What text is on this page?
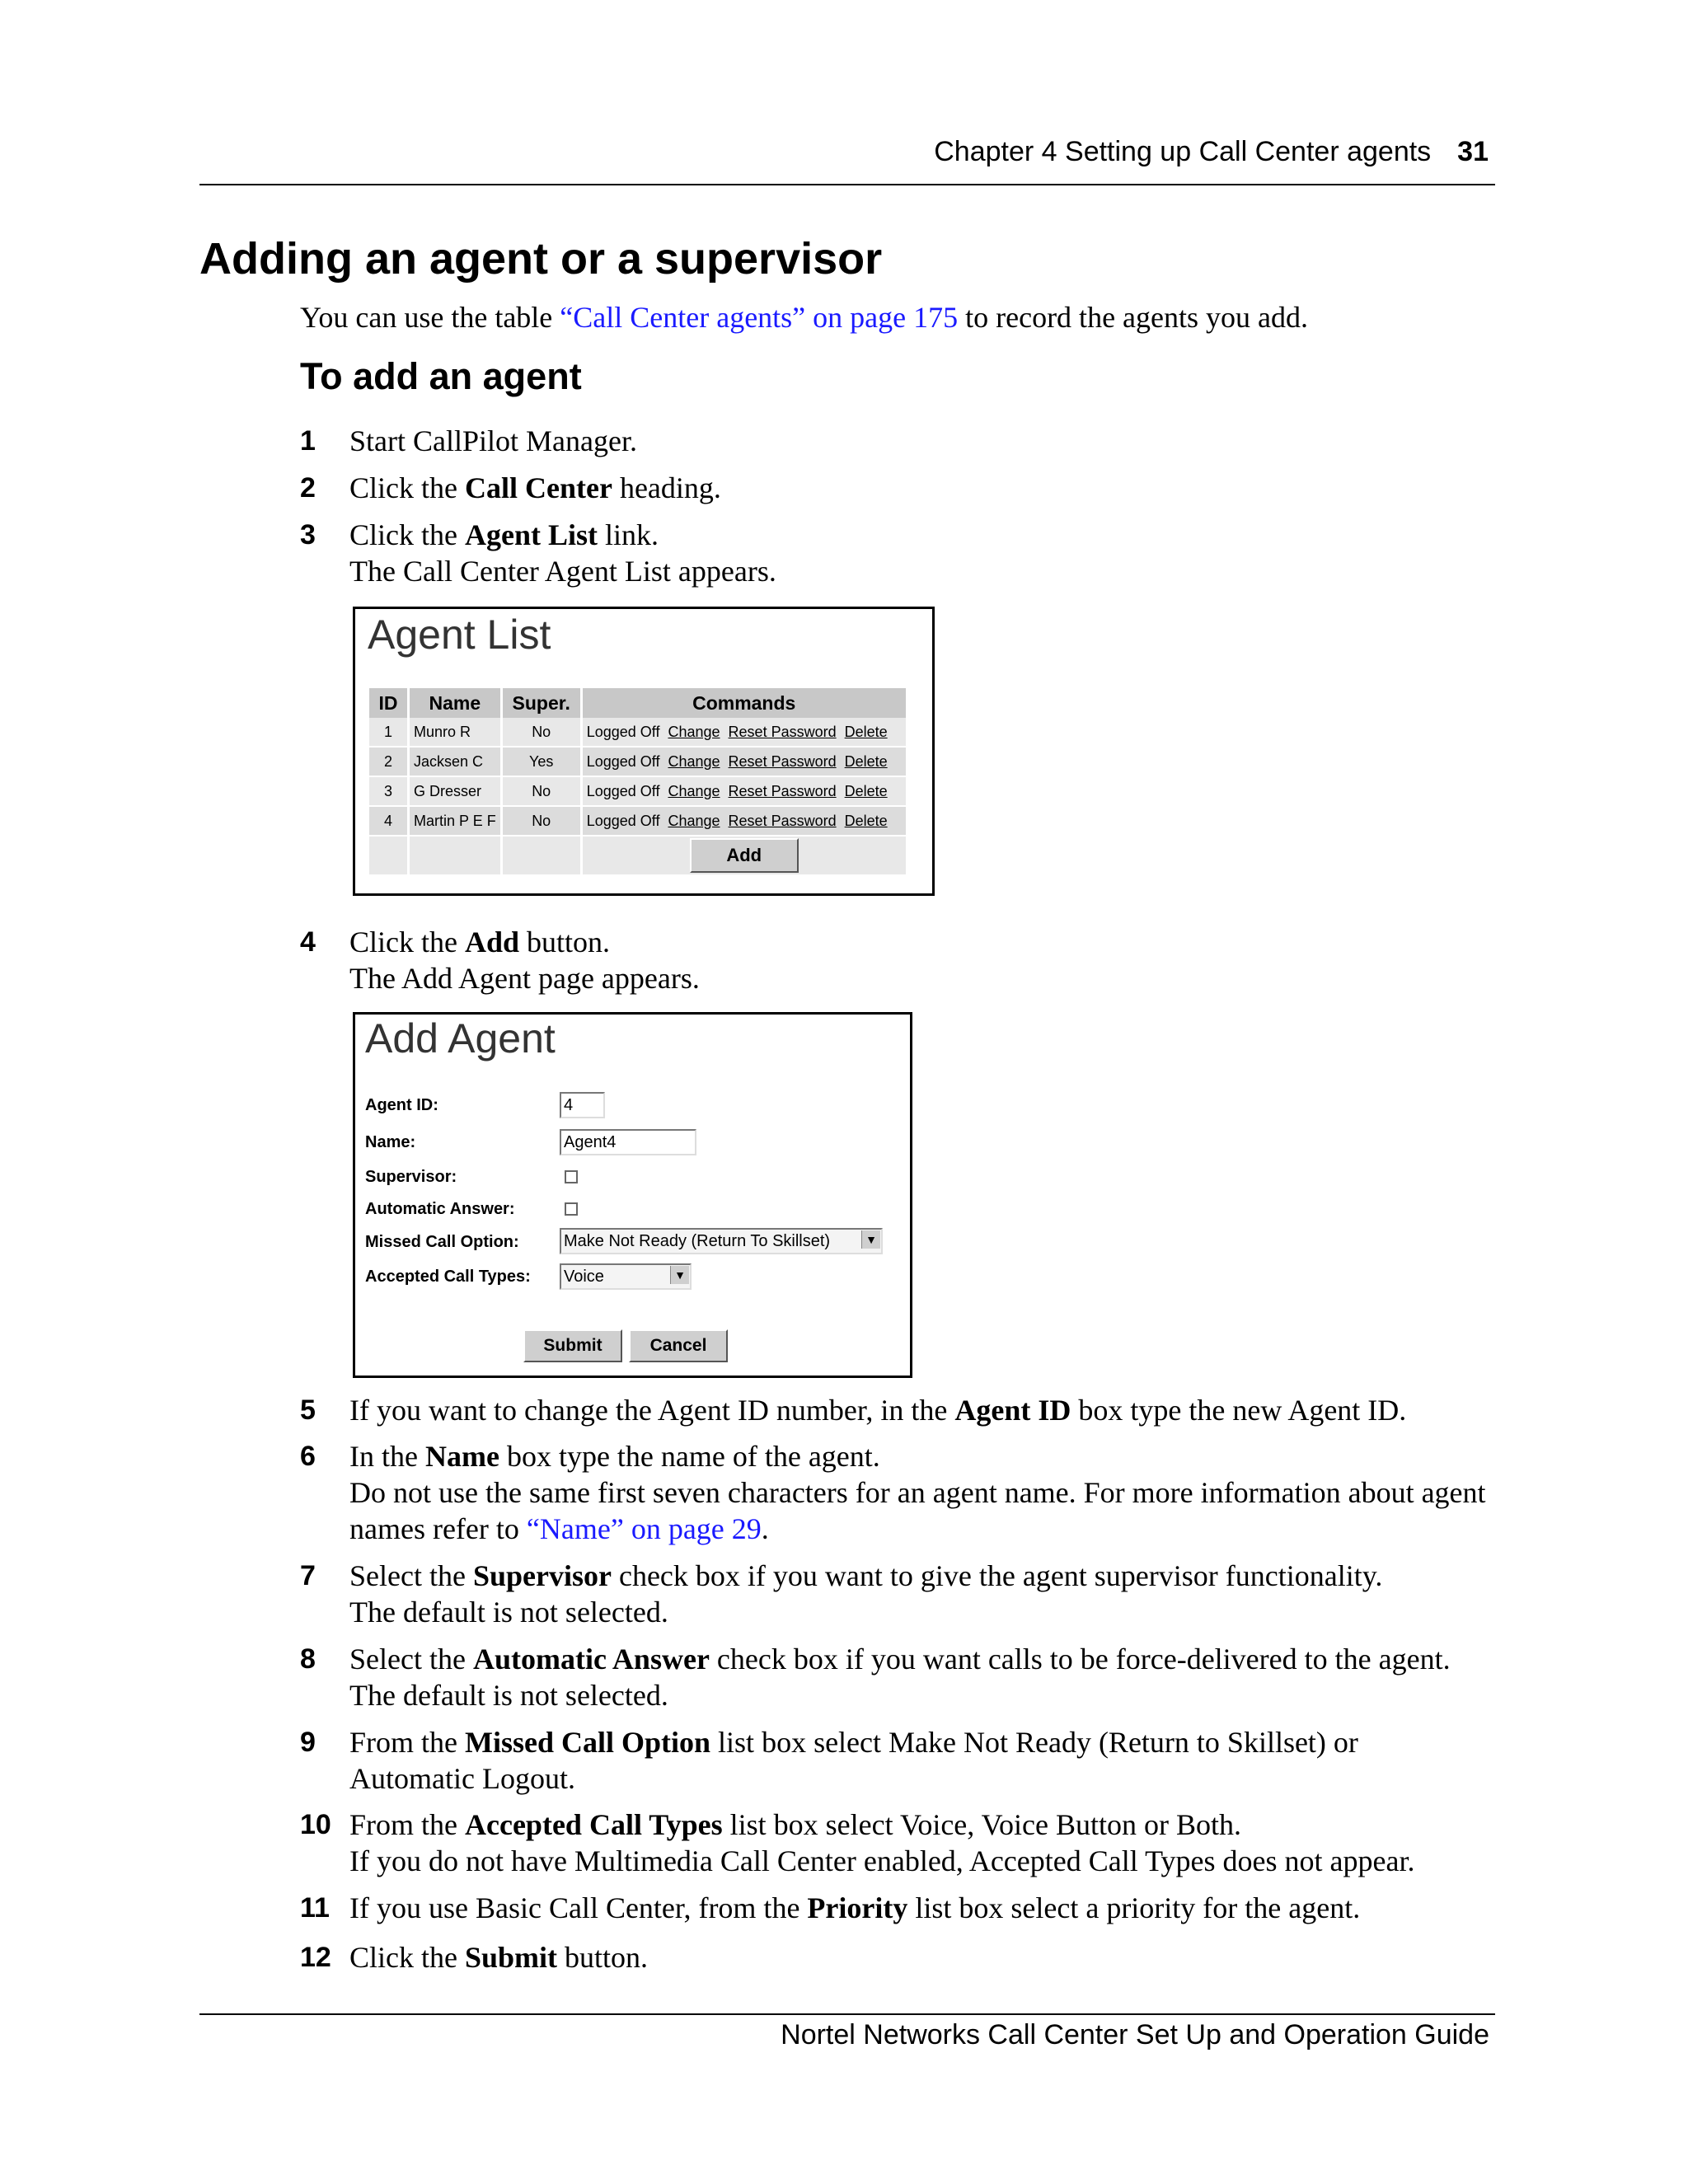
Chapter 4 Setting up Call Center agents 31
Adding an agent or a supervisor

You can use the table “Call Center agents” on page 175 to record the agents you add.

To add an agent
1	Start CallPilot Manager.
2	Click the Call Center heading.
3	Click the Agent List link.
The Call Center Agent List appears.
Agent List
ID	Name	Super.	Commands
1	Munro R	No	Logged Off Change Reset Password Delete
2	Jacksen C	Yes	Logged Off Change Reset Password Delete
3	G Dresser	No	Logged Off Change Reset Password Delete
4	Martin P E F	No	Logged Off Change Reset Password Delete
			Add
4	Click the Add button.
The Add Agent page appears.
Add Agent
Agent ID:	4
Name:	Agent4
Supervisor:
Automatic Answer:
Missed Call Option:	Make Not Ready (Return To Skillset)	▼
Accepted Call Types: Voice	▼
Submit	Cancel
5	If you want to change the Agent ID number, in the Agent ID box type the new Agent ID.
6	In the Name box type the name of the agent.
Do not use the same first seven characters for an agent name. For more information about agent names refer to “Name” on page 29.
7	Select the Supervisor check box if you want to give the agent supervisor functionality.
The default is not selected.
8	Select the Automatic Answer check box if you want calls to be force-delivered to the agent.
The default is not selected.
9	From the Missed Call Option list box select Make Not Ready (Return to Skillset) or Automatic Logout.
10 From the Accepted Call Types list box select Voice, Voice Button or Both.
If you do not have Multimedia Call Center enabled, Accepted Call Types does not appear.
11 If you use Basic Call Center, from the Priority list box select a priority for the agent.
12 Click the Submit button.
Nortel Networks Call Center Set Up and Operation Guide
